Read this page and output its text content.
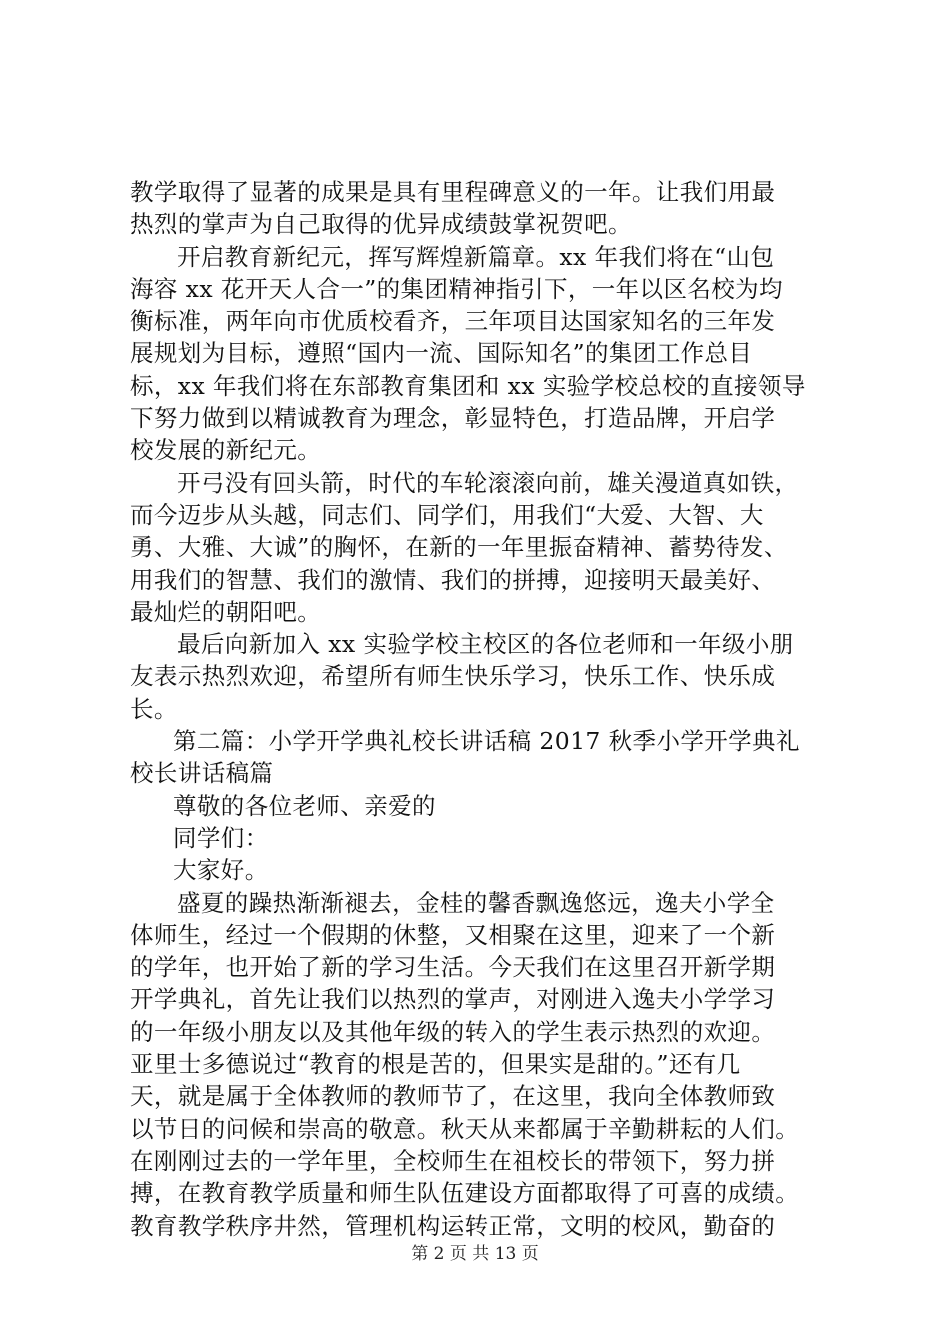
教学取得了显著的成果是具有里程碑意义的一年。让我们用最
热烈的掌声为自己取得的优异成绩鼓掌祝贺吧。
开启教育新纪元，挥写辉煌新篇章。xx 年我们将在“山包
海容 xx 花开天人合一”的集团精神指引下，一年以区名校为均
衡标准，两年向市优质校看齐，三年项目达国家知名的三年发
展规划为目标，遵照“国内一流、国际知名”的集团工作总目
标，xx 年我们将在东部教育集团和 xx 实验学校总校的直接领导
下努力做到以精诚教育为理念，彰显特色，打造品牌，开启学
校发展的新纪元。
开弓没有回头箭，时代的车轮滚滚向前，雄关漫道真如铁，
而今迈步从头越，同志们、同学们，用我们“大爱、大智、大
勇、大雅、大诚”的胸怀，在新的一年里振奋精神、蓄势待发、
用我们的智慧、我们的激情、我们的拼搏，迎接明天最美好、
最灿烂的朝阳吧。
最后向新加入 xx 实验学校主校区的各位老师和一年级小朋
友表示热烈欢迎，希望所有师生快乐学习，快乐工作、快乐成
长。
第二篇：小学开学典礼校长讲话稿 2017 秋季小学开学典礼
校长讲话稿篇
尊敬的各位老师、亲爱的
同学们：
大家好。
盛夏的躁热渐渐褪去，金桂的馨香飘逸悠远，逸夫小学全
体师生，经过一个假期的休整，又相聚在这里，迎来了一个新
的学年，也开始了新的学习生活。今天我们在这里召开新学期
开学典礼，首先让我们以热烈的掌声，对刚进入逸夫小学学习
的一年级小朋友以及其他年级的转入的学生表示热烈的欢迎。
亚里士多德说过“教育的根是苦的，但果实是甜的。”还有几
天，就是属于全体教师的教师节了，在这里，我向全体教师致
以节日的问候和崇高的敬意。秋天从来都属于辛勤耕耘的人们。
在刚刚过去的一学年里，全校师生在祖校长的带领下，努力拼
搏，在教育教学质量和师生队伍建设方面都取得了可喜的成绩。
教育教学秩序井然，管理机构运转正常，文明的校风，勤奋的
第 2 页 共 13 页
